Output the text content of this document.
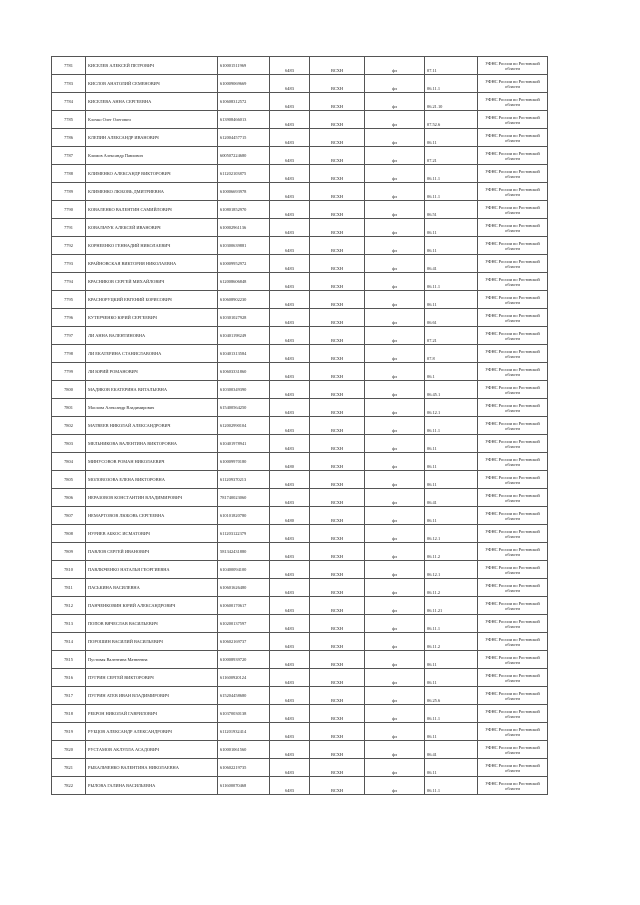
7781	КИСЕЛЕВ АЛЕКСЕЙ ПЕТРОВИЧ	610001511969	6483	ВСХН	фл	07.11	УФНС России по Ростовской области
7783	КИСЛОВ АНАТОЛИЙ СЕМЕНОВИЧ	610009069669	6483	ВСХН	фл	06.11.1	УФНС России по Ростовской области
7784	КИСЕЛЕВА АННА СЕРГЕЕВНА	610608312572	6483	ВСХН	фл	06.21.10	УФНС России по Ростовской области
7785	Клочко Олег Олегович	613908466013	6483	ВСХН	фл	07.52.6	УФНС России по Ростовской области
7786	КЛЕПИН АЛЕКСАНДР ИВАНОВИЧ	612004457715	6483	ВСХН	фл	06.11	УФНС России по Ростовской области
7787	Климов Александр Павлович	600507224680	6483	ВСХН	фл	07.21	УФНС России по Ростовской области
7788	КЛИМЕНКО АЛЕКСАНДР ВИКТОРОВИЧ	611202103875	6483	ВСХН	фл	06.11.1	УФНС России по Ростовской области
7789	КЛИМЕНКО ЛЮБОВЬ ДМИТРИЕВНА	610006693978	6483	ВСХН	фл	06.11.1	УФНС России по Ростовской области
7790	КОВАЛЕНКО ВАЛЕНТИН САМИЙЛОВИЧ	610801852970	6483	ВСХН	фл	06.51	УФНС России по Ростовской области
7791	КОВАЛЬЧУК АЛЕКСЕЙ ИВАНОВИЧ	610002961136	6483	ВСХН	фл	06.11	УФНС России по Ростовской области
7792	КОРНЕЕНКО ГЕННАДИЙ НИКОЛАЕВИЧ	610300639881	6483	ВСХН	фл	06.11	УФНС России по Ростовской области
7793	КРАЙНОВСКАЯ ВИКТОРИЯ НИКОЛАЕВНА	610009952972	6483	ВСХН	фл	06.41	УФНС России по Ростовской области
7794	КРАСНИКОВ СЕРГЕЙ МИХАЙЛОВИЧ	612008606848	6483	ВСХН	фл	06.11.1	УФНС России по Ростовской области
7795	КРАСНОРУЦКИЙ ЕВГЕНИЙ БОРИСОВИЧ	610608902230	6483	ВСХН	фл	06.11	УФНС России по Ростовской области
7796	КУТЕРЧЕНКО ЮРИЙ СЕРГЕЕВИЧ	610301027928	6483	ВСХН	фл	06.61	УФНС России по Ростовской области
7797	ЛИ АННА ВАЛЕНТИНОВНА	610401198249	6483	ВСХН	фл	07.21	УФНС России по Ростовской области
7798	ЛИ ЕКАТЕРИНА СТАНИСЛАВОВНА	610401313584	6483	ВСХН	фл	07.8	УФНС России по Ростовской области
7799	ЛИ ЮРИЙ РОМАНОВИЧ	610603331860	6483	ВСХН	фл	06.1	УФНС России по Ростовской области
7800	МАДЯКОВ ЕКАТЕРИНА ВИТАЛЬЕВНА	610300349390	6483	ВСХН	фл	06.45.1	УФНС России по Ростовской области
7801	Маслова Александр Владимирович	615400564250	6483	ВСХН	фл	06.12.1	УФНС России по Ростовской области
7802	МАТВЕЕВ НИКОЛАЙ АЛЕКСАНДРОВИЧ	612002990104	6483	ВСХН	фл	06.11.1	УФНС России по Ростовской области
7803	МЕЛЬНИКОВА ВАЛЕНТИНА ВИКТОРОВНА	610401978941	6483	ВСХН	фл	06.11	УФНС России по Ростовской области
7804	МИНУСОВОВ РОМАН НИКОЛАЕВИЧ	610009970180	6480	ВСХН	фл	06.11	УФНС России по Ростовской области
7805	МОЛОВОЗОВА ЕЛЕНА ВИКТОРОВНА	611209370213	6483	ВСХН	фл	06.11	УФНС России по Ростовской области
7806	НЕРАЗОВОВ КОНСТАНТИН ВЛАДИМИРОВИЧ	781740023060	6483	ВСХН	фл	06.41	УФНС России по Ростовской области
7807	НЕМАРТОВОВ ЛЮБОВЬ СЕРГЕЕВНА	610101820780	6480	ВСХН	фл	06.11	УФНС России по Ростовской области
7808	НУРИЕВ АБКОС ИСМАТОВИЧ	611203122379	6483	ВСХН	фл	06.12.1	УФНС России по Ростовской области
7809	ПАВЛОВ СЕРГЕЙ ИВАНОВИЧ	581342431880	6483	ВСХН	фл	06.11.2	УФНС России по Ростовской области
7810	ПАВЛЮЧЕНКО НАТАЛЬЯ ГЕОРГИЕВНА	610400094100	6483	ВСХН	фл	06.12.1	УФНС России по Ростовской области
7811	ПАСЬКИНА ВАСИЛЕВНА	610601626480	6483	ВСХН	фл	06.11.2	УФНС России по Ростовской области
7812	ПАНЧЕНКОВИН ЮРИЙ АЛЕКСАНДРОВИЧ	610600170617	6483	ВСХН	фл	06.11.21	УФНС России по Ростовской области
7813	ПОПОВ ВЯЧЕСЛАВ ВАСИЛЬЕВИЧ	610200137597	6483	ВСХН	фл	06.11.1	УФНС России по Ростовской области
7814	ПОРОШИН ВАСИЛИЙ ВАСИЛЬЕВИЧ	610602169737	6483	ВСХН	фл	06.11.2	УФНС России по Ростовской области
7815	Пустовая Валентина Матвеевна	610008939720	6483	ВСХН	фл	06.11	УФНС России по Ростовской области
7816	ПУГРИН СЕРГЕЙ ВИКТОРОВИЧ	611600920124	6483	ВСХН	фл	06.11	УФНС России по Ростовской области
7817	ПУГРИН АТЕВ ИВАН ВЛАДИМИРОВИЧ	615204458680	6483	ВСХН	фл	06.25.6	УФНС России по Ростовской области
7818	РЕБРОН НИКОЛАЙ ГАВРИЛОВИЧ	610370030138	6483	ВСХН	фл	06.11.1	УФНС России по Ростовской области
7819	РУБЦОВ АЛЕКСАНДР АЛЕКСАНДРОВИЧ	611201932414	6483	ВСХН	фл	06.11	УФНС России по Ростовской области
7820	РУСТАМОВ АКЛУЛЛА АСАДОВИЧ	610001061560	6483	ВСХН	фл	06.41	УФНС России по Ростовской области
7821	РЫБАЛЬЧЕНКО ВАЛЕНТИНА НИКОЛАЕВНА	610602219735	6483	ВСХН	фл	06.11	УФНС России по Ростовской области
7822	РЫЛОВА ГАЛИНА ВАСИЛЬЕВНА	611600070468	6483	ВСХН	фл	06.11.1	УФНС России по Ростовской области
